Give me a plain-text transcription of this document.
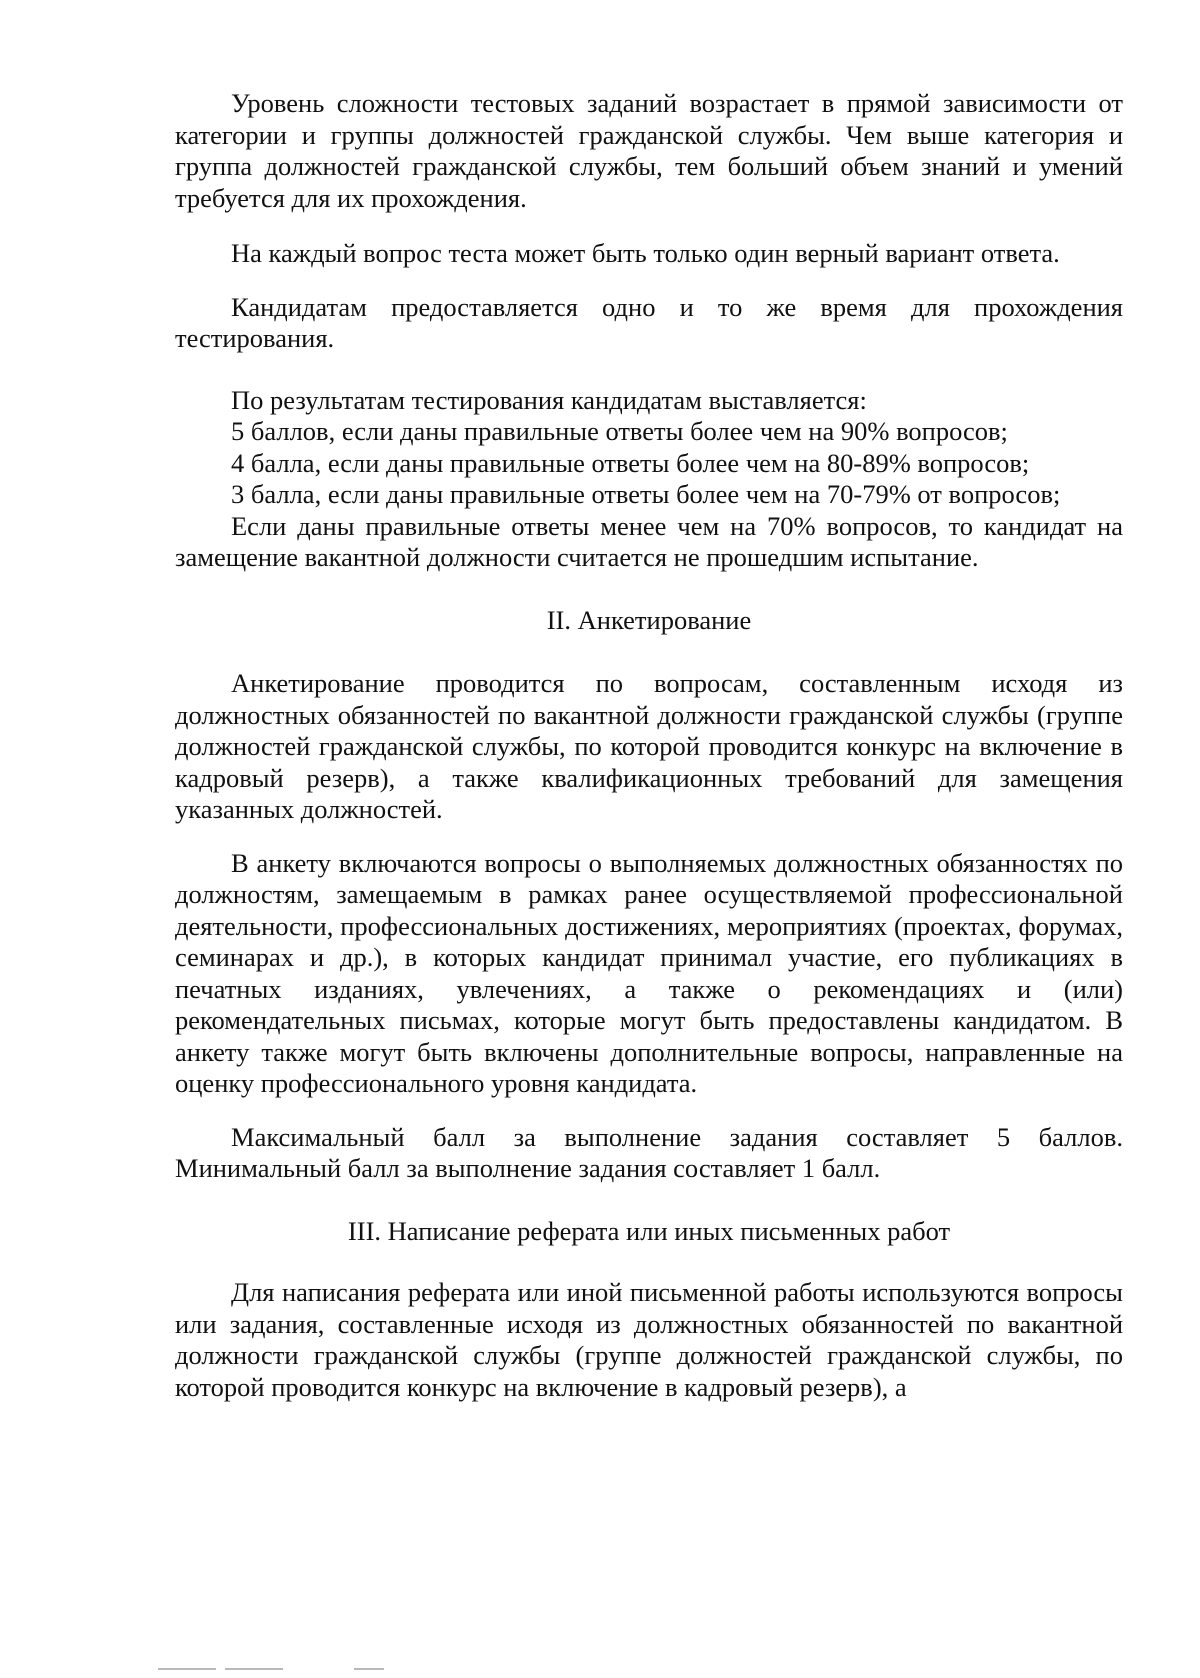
Уровень сложности тестовых заданий возрастает в прямой зависимости от категории и группы должностей гражданской службы. Чем выше категория и группа должностей гражданской службы, тем больший объем знаний и умений требуется для их прохождения.

На каждый вопрос теста может быть только один верный вариант ответа.

Кандидатам предоставляется одно и то же время для прохождения тестирования.

По результатам тестирования кандидатам выставляется:

5 баллов, если даны правильные ответы более чем на 90% вопросов;

4 балла, если даны правильные ответы более чем на 80-89% вопросов;

3 балла, если даны правильные ответы более чем на 70-79% от вопросов;

Если даны правильные ответы менее чем на 70% вопросов, то кандидат на замещение вакантной должности считается не прошедшим испытание.

II. Анкетирование

Анкетирование проводится по вопросам, составленным исходя из должностных обязанностей по вакантной должности гражданской службы (группе должностей гражданской службы, по которой проводится конкурс на включение в кадровый резерв), а также квалификационных требований для замещения указанных должностей.

В анкету включаются вопросы о выполняемых должностных обязанностях по должностям, замещаемым в рамках ранее осуществляемой профессиональной деятельности, профессиональных достижениях, мероприятиях (проектах, форумах, семинарах и др.), в которых кандидат принимал участие, его публикациях в печатных изданиях, увлечениях, а также о рекомендациях и (или) рекомендательных письмах, которые могут быть предоставлены кандидатом. В анкету также могут быть включены дополнительные вопросы, направленные на оценку профессионального уровня кандидата.

Максимальный балл за выполнение задания составляет 5 баллов. Минимальный балл за выполнение задания составляет 1 балл.

III. Написание реферата или иных письменных работ

Для написания реферата или иной письменной работы используются вопросы или задания, составленные исходя из должностных обязанностей по вакантной должности гражданской службы (группе должностей гражданской службы, по которой проводится конкурс на включение в кадровый резерв), а
